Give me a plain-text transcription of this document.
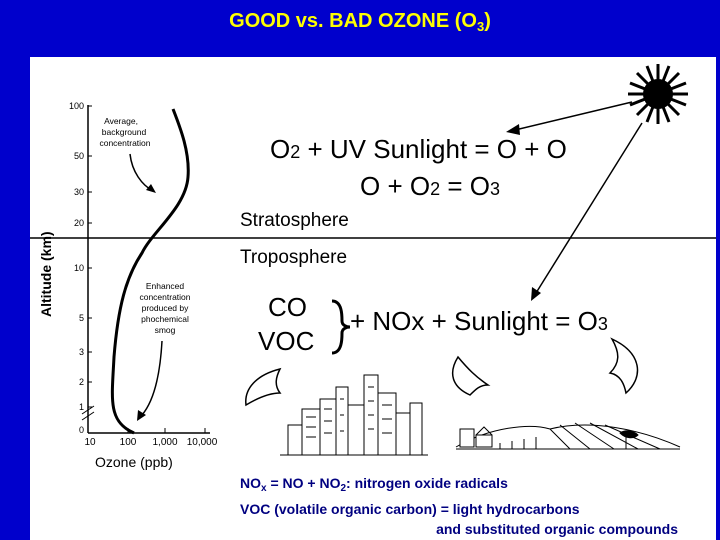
GOOD vs. BAD OZONE $(O_3)$
100
50
30
20
10
5
3
2
1
0
10 100 1,000 10,000
Ozone (ppb)
Altitude (km)
Average,
background
concentration
Enhanced
concentration
produced by
phochemical
smog
O2 + UV Sunlight = O + O
O + O2 = O3
Stratosphere
Troposphere
CO
VOC
+ NOx + Sunlight = O3
$NO_x$ = NO + $NO_2$: nitrogen oxide radicals
VOC (volatile organic carbon) = light hydrocarbons
and substituted organic compounds
